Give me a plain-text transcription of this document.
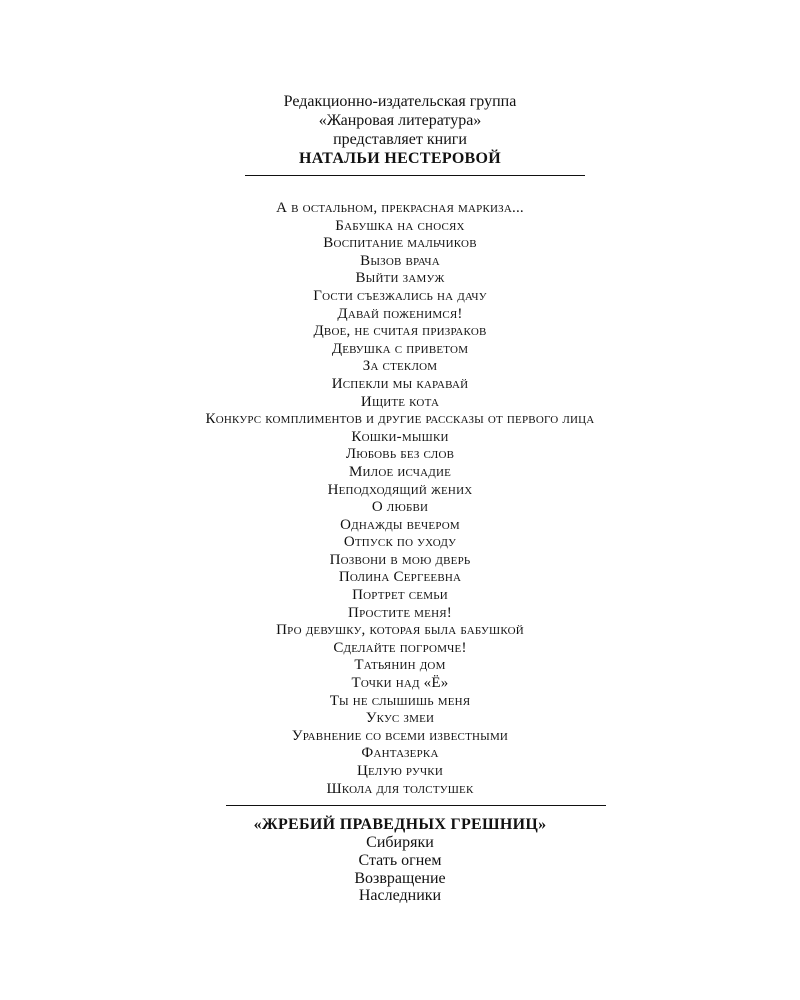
Редакционно-издательская группа
«Жанровая литература»
представляет книги
НАТАЛЬИ НЕСТЕРОВОЙ
А в остальном, прекрасная маркиза...
Бабушка на сносях
Воспитание мальчиков
Вызов врача
Выйти замуж
Гости съезжались на дачу
Давай поженимся!
Двое, не считая призраков
Девушка с приветом
За стеклом
Испекли мы каравай
Ищите кота
Конкурс комплиментов и другие рассказы от первого лица
Кошки-мышки
Любовь без слов
Милое исчадие
Неподходящий жених
О любви
Однажды вечером
Отпуск по уходу
Позвони в мою дверь
Полина Сергеевна
Портрет семьи
Простите меня!
Про девушку, которая была бабушкой
Сделайте погромче!
Татьянин дом
Точки над «Ё»
Ты не слышишь меня
Укус змеи
Уравнение со всеми известными
Фантазерка
Целую ручки
Школа для толстушек
«ЖРЕБИЙ ПРАВЕДНЫХ ГРЕШНИЦ»
Сибиряки
Стать огнем
Возвращение
Наследники
